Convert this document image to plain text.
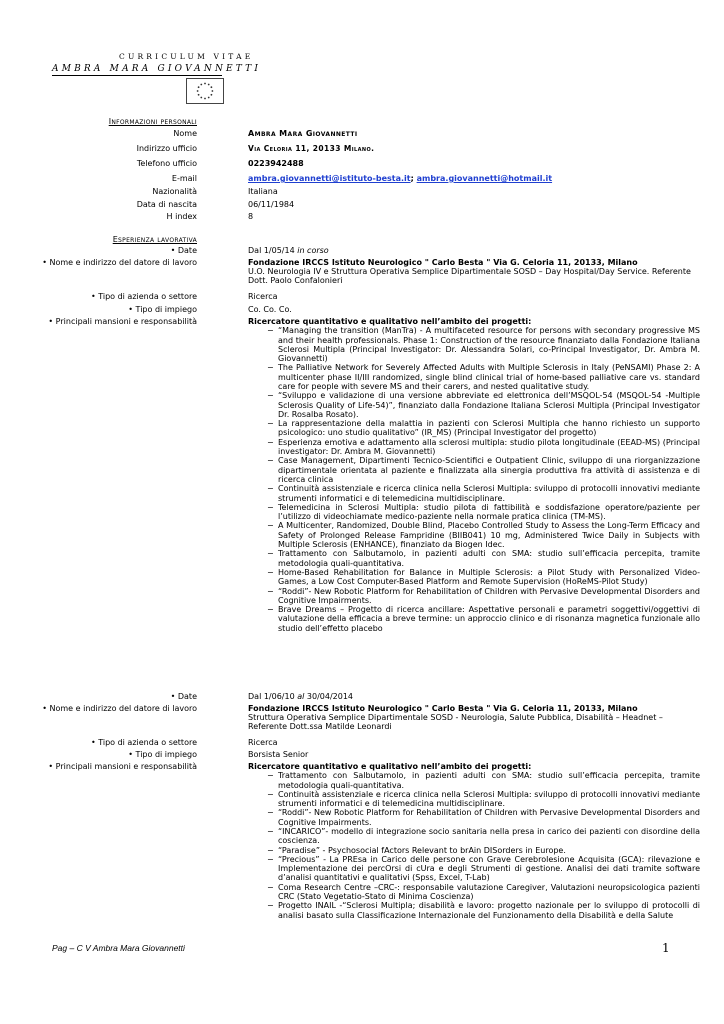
CURRICULUM VITAE
AMBRA MARA GIOVANNETTI
Informazioni personali
Nome	Ambra Mara Giovannetti
Indirizzo ufficio	Via Celoria 11, 20133 Milano.
Telefono ufficio	0223942488
E-mail	ambra.giovannetti@istituto-besta.it; ambra.giovannetti@hotmail.it
Nazionalità	Italiana
Data di nascita	06/11/1984
H index	8
Esperienza lavorativa
• Date	Dal 1/05/14 in corso
• Nome e indirizzo del datore di lavoro	Fondazione IRCCS Istituto Neurologico " Carlo Besta " Via G. Celoria 11, 20133, Milano
U.O. Neurologia IV e Struttura Operativa Semplice Dipartimentale SOSD – Day Hospital/Day Service. Referente Dott. Paolo Confalonieri
• Tipo di azienda o settore	Ricerca
• Tipo di impiego	Co. Co. Co.
• Principali mansioni e responsabilità	Ricercatore quantitativo e qualitativo nell’ambito dei progetti:
− “Managing the transition (ManTra) - A multifaceted resource for persons with secondary progressive MS and their health professionals. Phase 1: Construction of the resource finanziato dalla Fondazione Italiana Sclerosi Multipla (Principal Investigator: Dr. Alessandra Solari, co-Principal Investigator, Dr. Ambra M. Giovannetti)
− The Palliative Network for Severely Affected Adults with Multiple Sclerosis in Italy (PeNSAMI) Phase 2: A multicenter phase II/III randomized, single blind clinical trial of home-based palliative care vs. standard care for people with severe MS and their carers, and nested qualitative study.
− “Sviluppo e validazione di una versione abbreviate ed elettronica dell’MSQOL-54 (MSQOL-54 -Multiple Sclerosis Quality of Life-54)”, finanziato dalla Fondazione Italiana Sclerosi Multipla (Principal Investigator Dr. Rosalba Rosato).
− La rappresentazione della malattia in pazienti con Sclerosi Multipla che hanno richiesto un supporto psicologico: uno studio qualitativo” (IR_MS) (Principal Investigator del progetto)
− Esperienza emotiva e adattamento alla sclerosi multipla: studio pilota longitudinale (EEAD-MS) (Principal investigator: Dr. Ambra M. Giovannetti)
− Case Management, Dipartimenti Tecnico-Scientifici e Outpatient Clinic, sviluppo di una riorganizzazione dipartimentale orientata al paziente e finalizzata alla sinergia produttiva fra attività di assistenza e di ricerca clinica
− Continuità assistenziale e ricerca clinica nella Sclerosi Multipla: sviluppo di protocolli innovativi mediante strumenti informatici e di telemedicina multidisciplinare.
− Telemedicina in Sclerosi Multipla: studio pilota di fattibilità e soddisfazione operatore/paziente per l’utilizzo di videochiamate medico-paziente nella normale pratica clinica (TM-MS).
− A Multicenter, Randomized, Double Blind, Placebo Controlled Study to Assess the Long-Term Efficacy and Safety of Prolonged Release Fampridine (BIIB041) 10 mg, Administered Twice Daily in Subjects with Multiple Sclerosis (ENHANCE), finanziato da Biogen Idec.
− Trattamento con Salbutamolo, in pazienti adulti con SMA: studio sull’efficacia percepita, tramite metodologia quali-quantitativa.
− Home-Based Rehabilitation for Balance in Multiple Sclerosis: a Pilot Study with Personalized Video-Games, a Low Cost Computer-Based Platform and Remote Supervision (HoReMS-Pilot Study)
− “Roddi”- New Robotic Platform for Rehabilitation of Children with Pervasive Developmental Disorders and Cognitive Impairments.
− Brave Dreams – Progetto di ricerca ancillare: Aspettative personali e parametri soggettivi/oggettivi di valutazione della efficacia a breve termine: un approccio clinico e di risonanza magnetica funzionale allo studio dell’effetto placebo
• Date	Dal 1/06/10 al 30/04/2014
• Nome e indirizzo del datore di lavoro	Fondazione IRCCS Istituto Neurologico " Carlo Besta " Via G. Celoria 11, 20133, Milano
Struttura Operativa Semplice Dipartimentale SOSD - Neurologia, Salute Pubblica, Disabilità – Headnet – Referente Dott.ssa Matilde Leonardi
• Tipo di azienda o settore	Ricerca
• Tipo di impiego	Borsista Senior
• Principali mansioni e responsabilità	Ricercatore quantitativo e qualitativo nell’ambito dei progetti:
− Trattamento con Salbutamolo, in pazienti adulti con SMA: studio sull’efficacia percepita, tramite metodologia quali-quantitativa.
− Continuità assistenziale e ricerca clinica nella Sclerosi Multipla: sviluppo di protocolli innovativi mediante strumenti informatici e di telemedicina multidisciplinare.
− “Roddi”- New Robotic Platform for Rehabilitation of Children with Pervasive Developmental Disorders and Cognitive Impairments.
− “INCARICO”- modello di integrazione socio sanitaria nella presa in carico dei pazienti con disordine della coscienza.
− “Paradise” - Psychosocial fActors Relevant to brAin DISorders in Europe.
− “Precious” - La PREsa in Carico delle persone con Grave Cerebrolesione Acquisita (GCA): rilevazione e Implementazione dei percOrsi di cUra e degli Strumenti di gestione. Analisi dei dati tramite software d’analisi quantitativi e qualitativi (Spss, Excel, T-Lab)
− Coma Research Centre –CRC-: responsabile valutazione Caregiver, Valutazioni neuropsicologica pazienti CRC (Stato Vegetatio-Stato di Minima Coscienza)
− Progetto INAIL -“Sclerosi Multipla; disabilità e lavoro: progetto nazionale per lo sviluppo di protocolli di analisi basato sulla Classificazione Internazionale del Funzionamento della Disabilità e della Salute
Pag – C V Ambra Mara Giovannetti	1
